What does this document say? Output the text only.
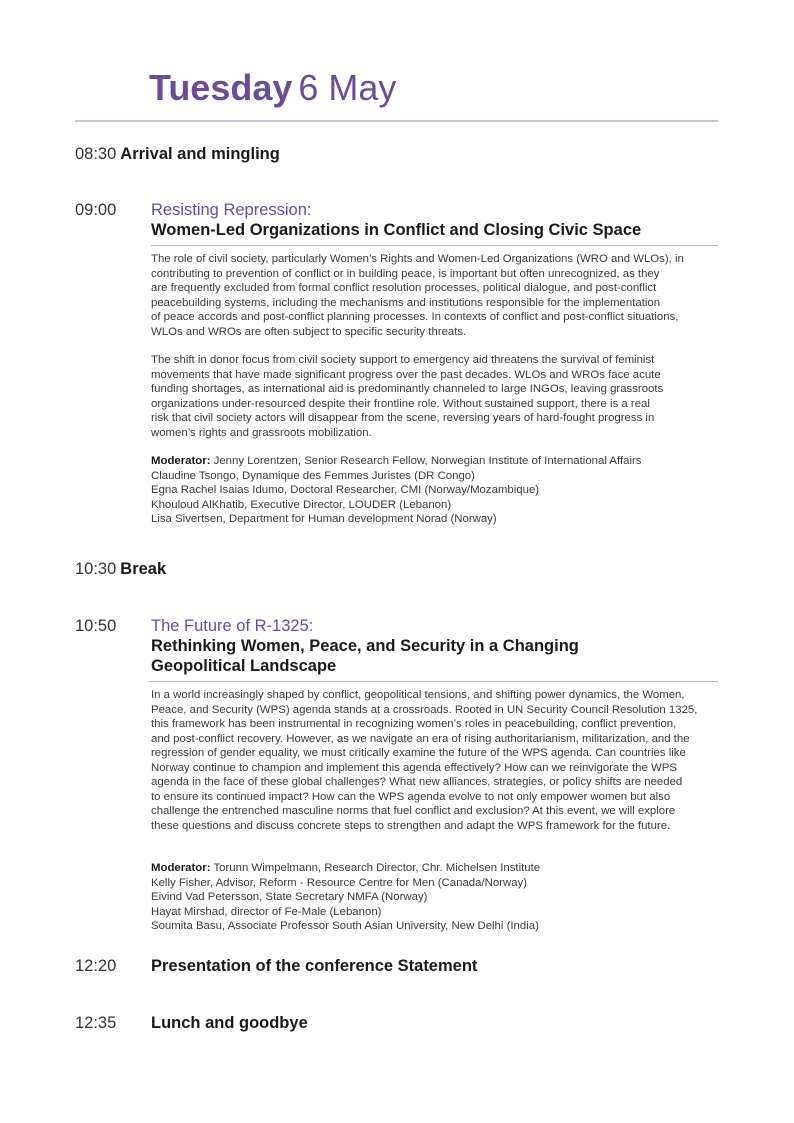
Tuesday 6 May
08:30 Arrival and mingling
09:00 Resisting Repression:
Women-Led Organizations in Conflict and Closing Civic Space

The role of civil society, particularly Women’s Rights and Women-Led Organizations (WRO and WLOs), in
contributing to prevention of conflict or in building peace, is important but often unrecognized, as they
are frequently excluded from formal conflict resolution processes, political dialogue, and post-conflict
peacebuilding systems, including the mechanisms and institutions responsible for the implementation
of peace accords and post-conflict planning processes. In contexts of conflict and post-conflict situations,
WLOs and WROs are often subject to specific security threats.

The shift in donor focus from civil society support to emergency aid threatens the survival of feminist
movements that have made significant progress over the past decades. WLOs and WROs face acute
funding shortages, as international aid is predominantly channeled to large INGOs, leaving grassroots
organizations under-resourced despite their frontline role. Without sustained support, there is a real
risk that civil society actors will disappear from the scene, reversing years of hard-fought progress in
women’s rights and grassroots mobilization.

Moderator: Jenny Lorentzen, Senior Research Fellow, Norwegian Institute of International Affairs
Claudine Tsongo, Dynamique des Femmes Juristes (DR Congo)
Egna Rachel Isaias Idumo, Doctoral Researcher, CMI (Norway/Mozambique)
Khouloud AlKhatib, Executive Director, LOUDER (Lebanon)
Lisa Sivertsen, Department for Human development Norad (Norway)
10:30 Break
10:50 The Future of R-1325:
Rethinking Women, Peace, and Security in a Changing
Geopolitical Landscape

In a world increasingly shaped by conflict, geopolitical tensions, and shifting power dynamics, the Women,
Peace, and Security (WPS) agenda stands at a crossroads. Rooted in UN Security Council Resolution 1325,
this framework has been instrumental in recognizing women’s roles in peacebuilding, conflict prevention,
and post-conflict recovery. However, as we navigate an era of rising authoritarianism, militarization, and the
regression of gender equality, we must critically examine the future of the WPS agenda. Can countries like
Norway continue to champion and implement this agenda effectively? How can we reinvigorate the WPS
agenda in the face of these global challenges? What new alliances, strategies, or policy shifts are needed
to ensure its continued impact? How can the WPS agenda evolve to not only empower women but also
challenge the entrenched masculine norms that fuel conflict and exclusion? At this event, we will explore
these questions and discuss concrete steps to strengthen and adapt the WPS framework for the future.

Moderator: Torunn Wimpelmann, Research Director, Chr. Michelsen Institute
Kelly Fisher, Advisor, Reform - Resource Centre for Men (Canada/Norway)
Eivind Vad Petersson, State Secretary NMFA (Norway)
Hayat Mirshad, director of Fe-Male (Lebanon)
Soumita Basu, Associate Professor South Asian University, New Delhi (India)
12:20 Presentation of the conference Statement
12:35 Lunch and goodbye
